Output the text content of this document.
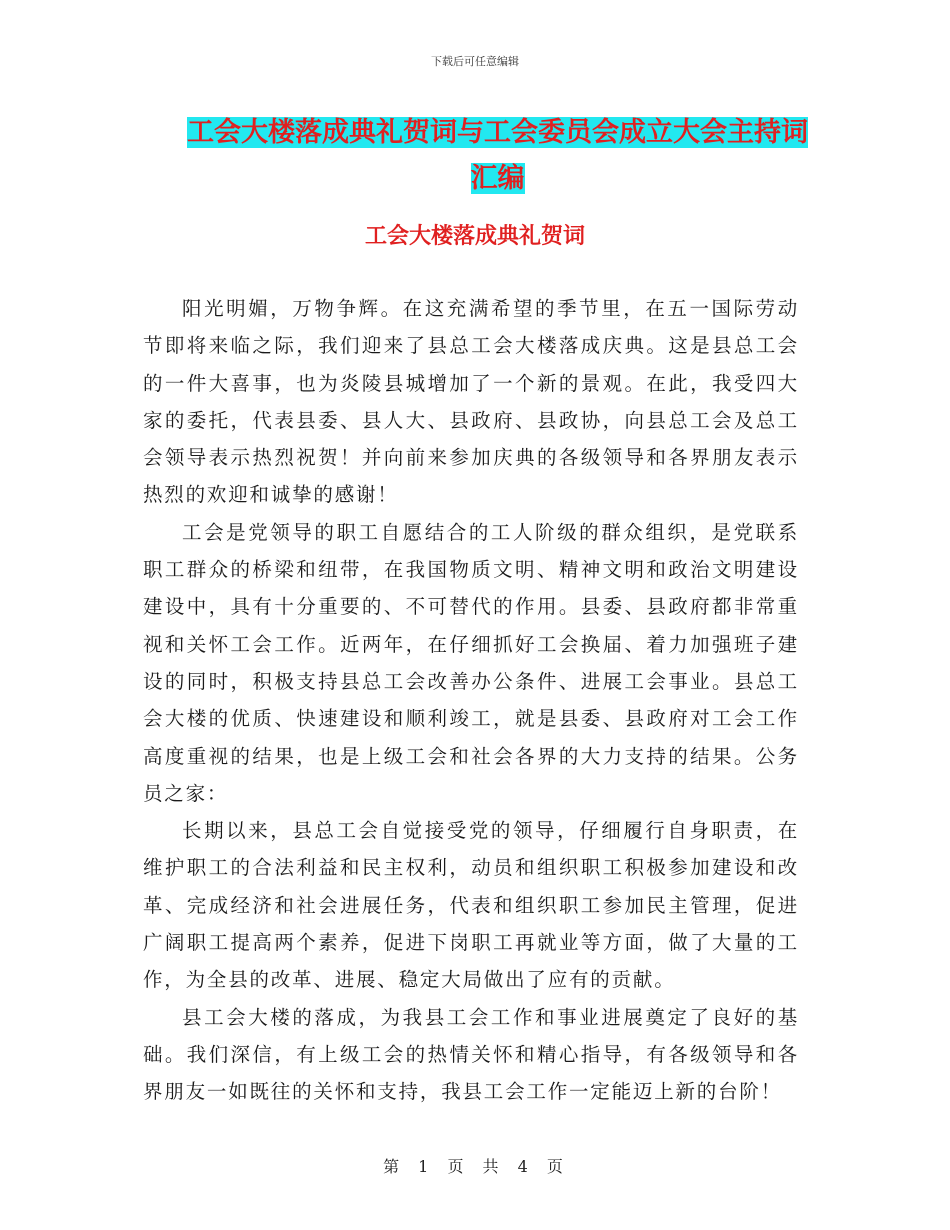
下载后可任意编辑
工会大楼落成典礼贺词与工会委员会成立大会主持词
汇编
工会大楼落成典礼贺词

阳光明媚，万物争辉。在这充满希望的季节里，在五一国际劳动节即将来临之际，我们迎来了县总工会大楼落成庆典。这是县总工会的一件大喜事，也为炎陵县城增加了一个新的景观。在此，我受四大家的委托，代表县委、县人大、县政府、县政协，向县总工会及总工会领导表示热烈祝贺！并向前来参加庆典的各级领导和各界朋友表示热烈的欢迎和诚挚的感谢！

工会是党领导的职工自愿结合的工人阶级的群众组织，是党联系职工群众的桥梁和纽带，在我国物质文明、精神文明和政治文明建设建设中，具有十分重要的、不可替代的作用。县委、县政府都非常重视和关怀工会工作。近两年，在仔细抓好工会换届、着力加强班子建设的同时，积极支持县总工会改善办公条件、进展工会事业。县总工会大楼的优质、快速建设和顺利竣工，就是县委、县政府对工会工作高度重视的结果，也是上级工会和社会各界的大力支持的结果。公务员之家：

长期以来，县总工会自觉接受党的领导，仔细履行自身职责，在维护职工的合法利益和民主权利，动员和组织职工积极参加建设和改革、完成经济和社会进展任务，代表和组织职工参加民主管理，促进广阔职工提高两个素养，促进下岗职工再就业等方面，做了大量的工作，为全县的改革、进展、稳定大局做出了应有的贡献。

县工会大楼的落成，为我县工会工作和事业进展奠定了良好的基础。我们深信，有上级工会的热情关怀和精心指导，有各级领导和各界朋友一如既往的关怀和支持，我县工会工作一定能迈上新的台阶！

第 1 页 共 4 页
